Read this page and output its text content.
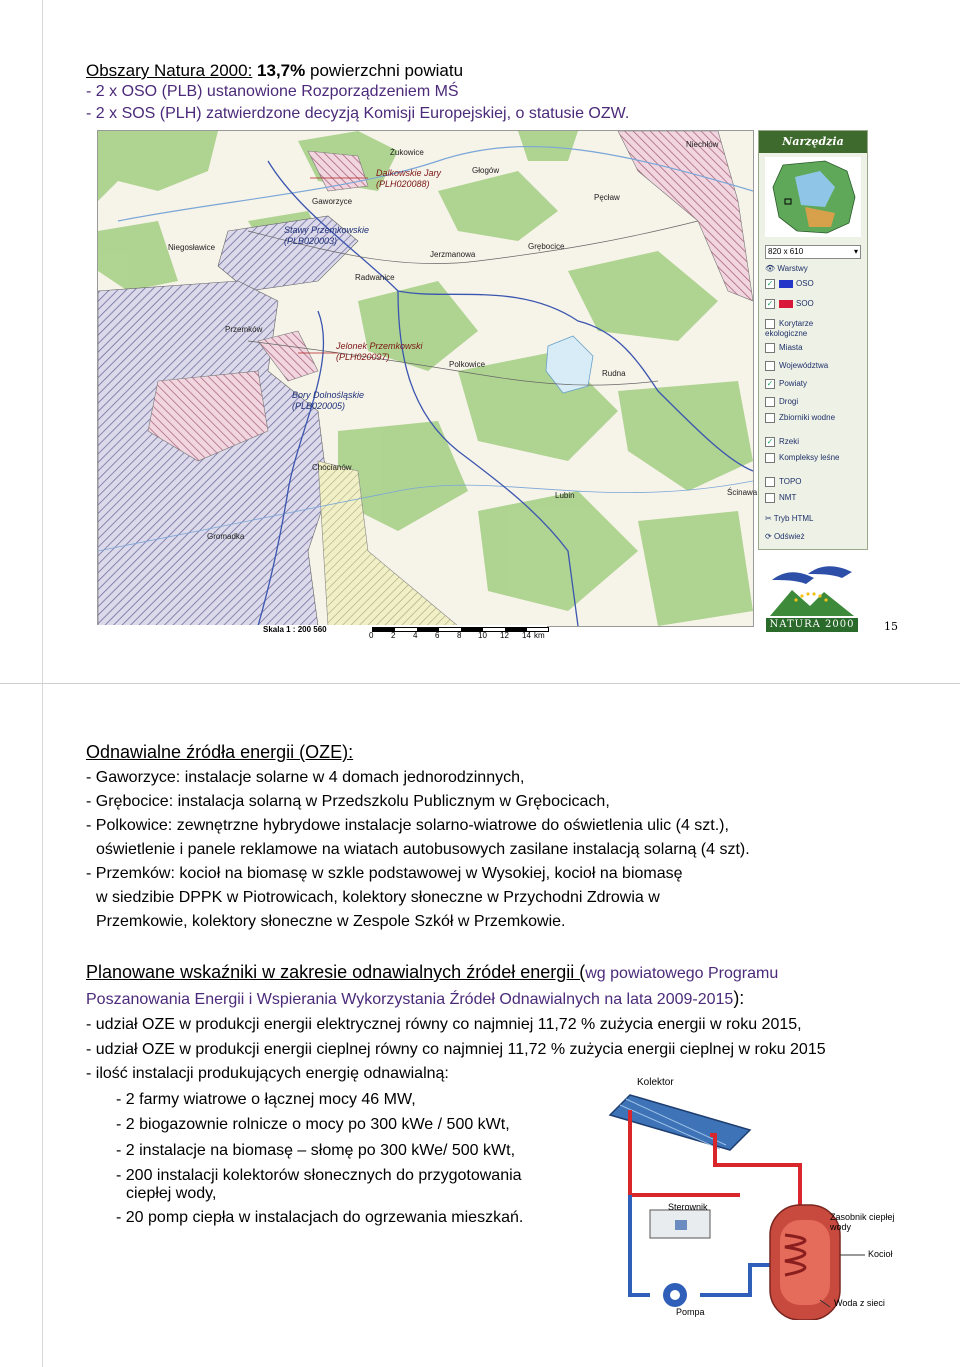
Obszary Natura 2000: 13,7% powierzchni powiatu
- 2 x OSO (PLB) ustanowione Rozporządzeniem MŚ
- 2 x SOS (PLH) zatwierdzone decyzją Komisji Europejskiej, o statusie OZW.
Żukowice
Głogów
Niechłów
Gaworzyce	Pęcław
Niegosławice
Jerzmanowa
Grębocice
Radwanice
Przemków
Polkowice
Rudna
Chocianów
Lubin	Ścinawa
Gromadka
Dalkowskie Jary
(PLH020088)
Stawy Przemkowskie
(PLB020003)
Jelonek Przemkowski
(PLH020097)
Bory Dolnośląskie
(PLB020005)
Narzędzia
820 x 610	▾
👁 Warstwy
✓	OSO
✓	SOO
Korytarze ekologiczne
Miasta
Województwa
✓ Powiaty
Drogi
Zbiorniki wodne
✓ Rzeki
Kompleksy leśne
TOPO
NMT
✂ Tryb HTML
⟳ Odśwież
NATURA 2000
Skala 1 : 200 560
0 2 4 6 8 10 12 14 km
15
Odnawialne źródła energii (OZE):
- Gaworzyce: instalacje solarne w 4 domach jednorodzinnych,
- Grębocice: instalacja solarną w Przedszkolu Publicznym w Grębocicach,
- Polkowice: zewnętrzne hybrydowe instalacje solarno-wiatrowe do oświetlenia ulic (4 szt.),
oświetlenie i panele reklamowe na wiatach autobusowych zasilane instalacją solarną (4 szt).
- Przemków: kocioł na biomasę w szkle podstawowej w Wysokiej, kocioł na biomasę
w siedzibie DPPK w Piotrowicach, kolektory słoneczne w Przychodni Zdrowia w
Przemkowie, kolektory słoneczne w Zespole Szkół w Przemkowie.
Planowane wskaźniki w zakresie odnawialnych źródeł energii (wg powiatowego Programu
Poszanowania Energii i Wspierania Wykorzystania Źródeł Odnawialnych na lata 2009-2015):
- udział OZE w produkcji energii elektrycznej równy co najmniej 11,72 % zużycia energii w roku 2015,
- udział OZE w produkcji energii cieplnej równy co najmniej 11,72 % zużycia energii cieplnej w roku 2015
- ilość instalacji produkujących energię odnawialną:
- 2 farmy wiatrowe o łącznej mocy 46 MW,
- 2 biogazownie rolnicze o mocy po 300 kWe / 500 kWt,
- 2 instalacje na biomasę – słomę po 300 kWe/ 500 kWt,
- 200 instalacji kolektorów słonecznych do przygotowania
ciepłej wody,
- 20 pomp ciepła w instalacjach do ogrzewania mieszkań.
Kolektor
Sterownik
Zasobnik ciepłej wody
Kocioł
Woda z sieci
Pompa
